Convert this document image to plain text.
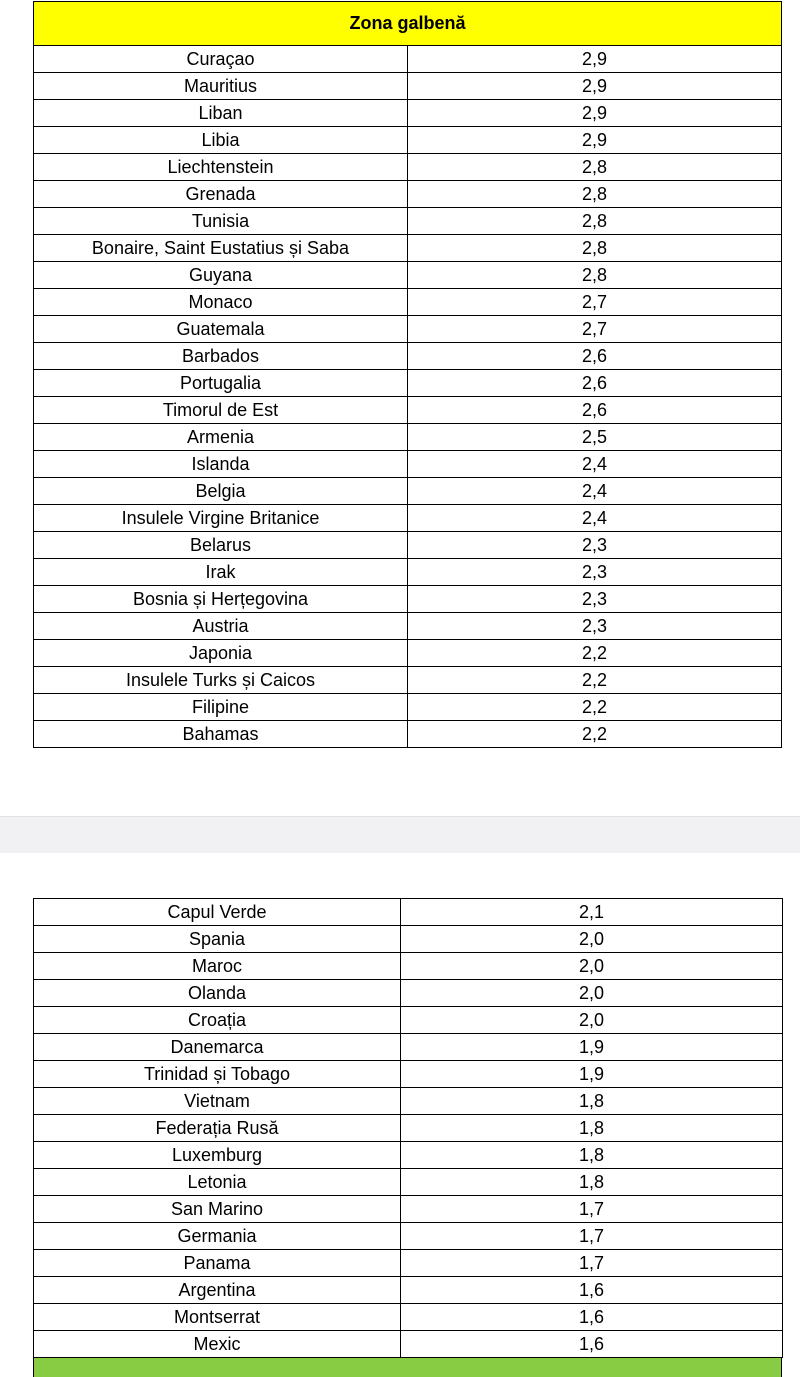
Zona galbenă	
Curaçao	2,9
Mauritius	2,9
Liban	2,9
Libia	2,9
Liechtenstein	2,8
Grenada	2,8
Tunisia	2,8
Bonaire, Saint Eustatius și Saba	2,8
Guyana	2,8
Monaco	2,7
Guatemala	2,7
Barbados	2,6
Portugalia	2,6
Timorul de Est	2,6
Armenia	2,5
Islanda	2,4
Belgia	2,4
Insulele Virgine Britanice	2,4
Belarus	2,3
Irak	2,3
Bosnia și Herțegovina	2,3
Austria	2,3
Japonia	2,2
Insulele Turks și Caicos	2,2
Filipine	2,2
Bahamas	2,2
Capul Verde	2,1
Spania	2,0
Maroc	2,0
Olanda	2,0
Croația	2,0
Danemarca	1,9
Trinidad și Tobago	1,9
Vietnam	1,8
Federația Rusă	1,8
Luxemburg	1,8
Letonia	1,8
San Marino	1,7
Germania	1,7
Panama	1,7
Argentina	1,6
Montserrat	1,6
Mexic	1,6
